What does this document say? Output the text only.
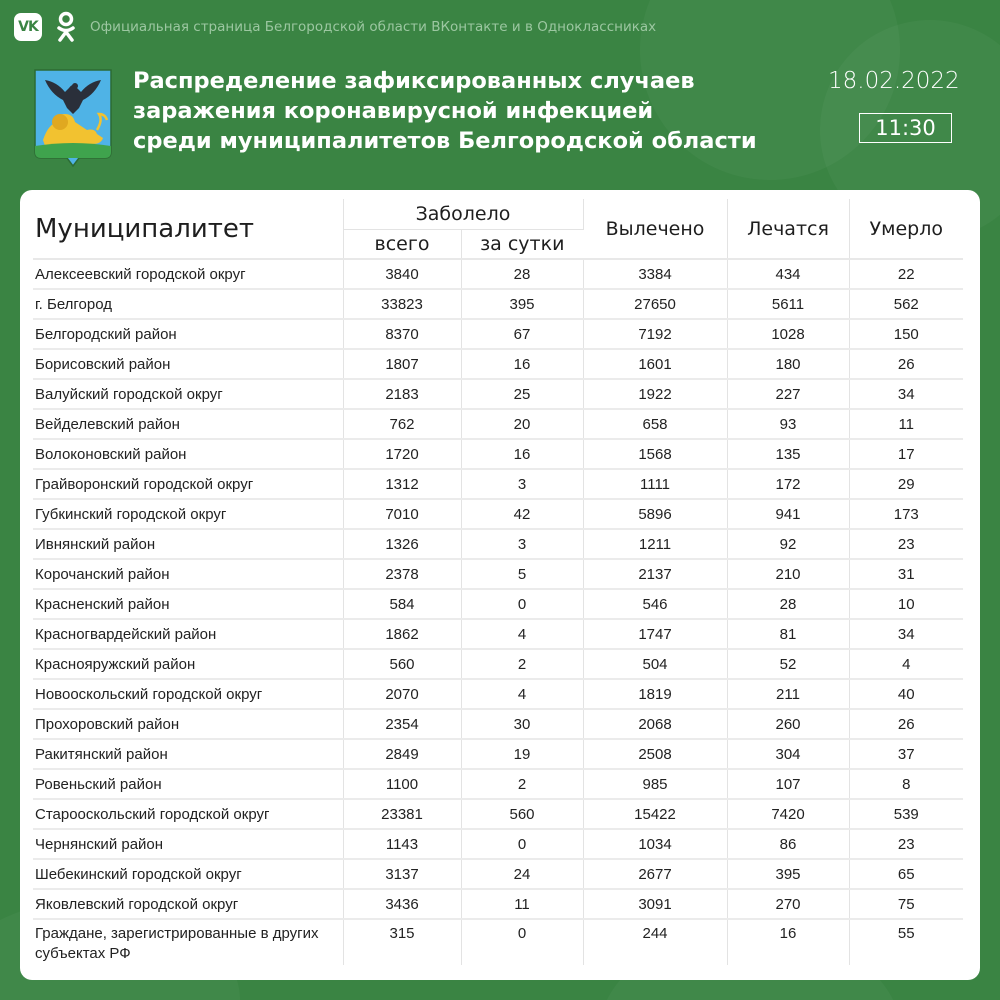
VK	Официальная страница Белгородской области ВКонтакте и в Одноклассниках
Распределение зафиксированных случаев
заражения коронавирусной инфекцией
среди муниципалитетов Белгородской области
18.02.2022
11:30
Муниципалитет	Заболело		Вылечено	Лечатся	Умерло
	всего	за сутки			
Алексеевский городской округ	3840	28	3384	434	22
г. Белгород	33823	395	27650	5611	562
Белгородский район	8370	67	7192	1028	150
Борисовский район	1807	16	1601	180	26
Валуйский городской округ	2183	25	1922	227	34
Вейделевский район	762	20	658	93	11
Волоконовский район	1720	16	1568	135	17
Грайворонский городской округ	1312	3	1111	172	29
Губкинский городской округ	7010	42	5896	941	173
Ивнянский район	1326	3	1211	92	23
Корочанский район	2378	5	2137	210	31
Красненский район	584	0	546	28	10
Красногвардейский район	1862	4	1747	81	34
Краснояружский район	560	2	504	52	4
Новооскольский городской округ	2070	4	1819	211	40
Прохоровский район	2354	30	2068	260	26
Ракитянский район	2849	19	2508	304	37
Ровеньский район	1100	2	985	107	8
Старооскольский городской округ	23381	560	15422	7420	539
Чернянский район	1143	0	1034	86	23
Шебекинский городской округ	3137	24	2677	395	65
Яковлевский городской округ	3436	11	3091	270	75
Граждане, зарегистрированные в других субъектах РФ	315	0	244	16	55
